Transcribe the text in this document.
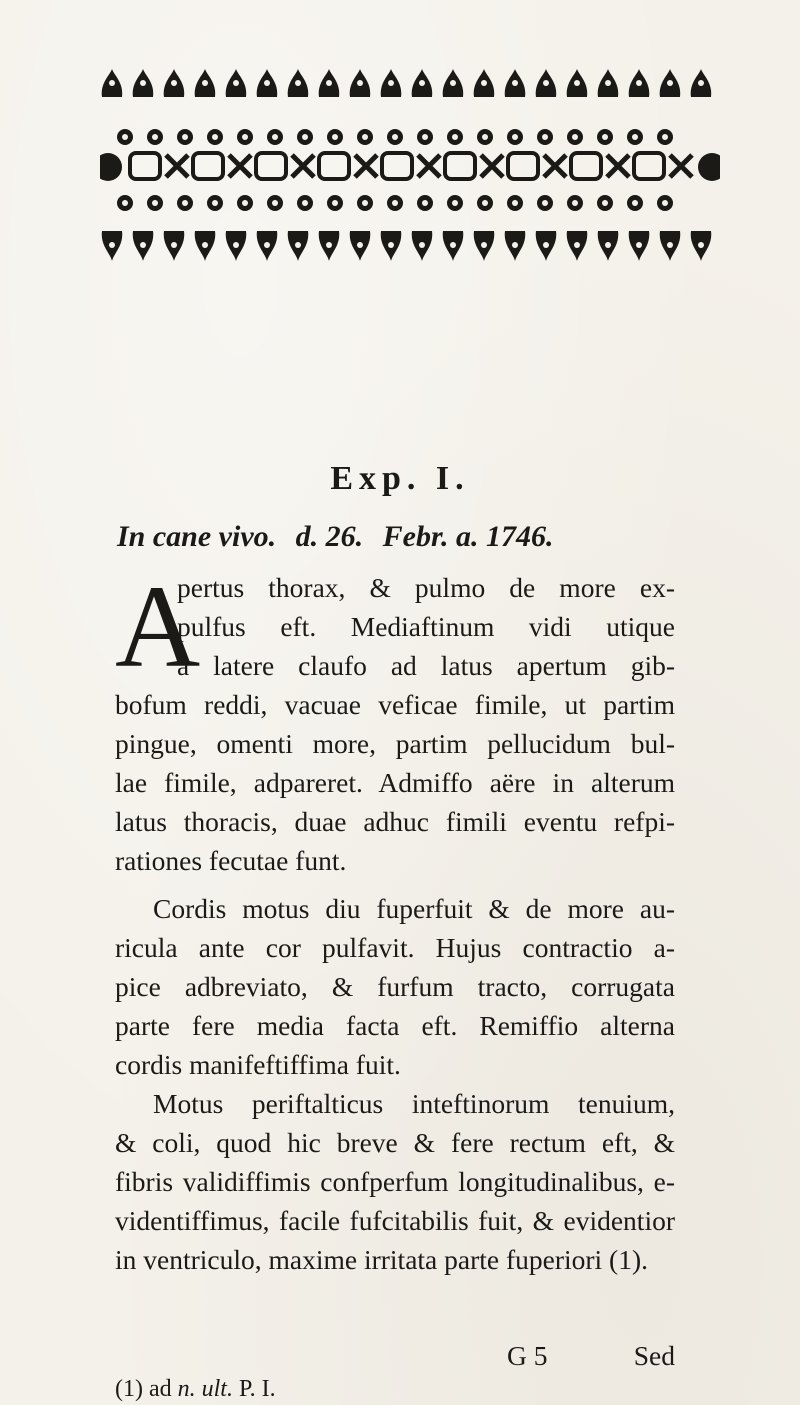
Exp. I.
In cane vivo. d. 26. Febr. a. 1746.
A
pertus thorax, & pulmo de more ex-
pulfus eft. Mediaftinum vidi utique
a latere claufo ad latus apertum gib-
bofum reddi, vacuae veficae fimile, ut partim
pingue, omenti more, partim pellucidum bul-
lae fimile, adpareret. Admiffo aëre in alterum
latus thoracis, duae adhuc fimili eventu refpi-
rationes fecutae funt.
Cordis motus diu fuperfuit & de more au-
ricula ante cor pulfavit. Hujus contractio a-
pice adbreviato, & furfum tracto, corrugata
parte fere media facta eft. Remiffio alterna
cordis manifeftiffima fuit.
Motus periftalticus inteftinorum tenuium,
& coli, quod hic breve & fere rectum eft, &
fibris validiffimis confperfum longitudinalibus, e-
videntiffimus, facile fufcitabilis fuit, & evidentior
in ventriculo, maxime irritata parte fuperiori (1).
G 5	Sed
(1) ad n. ult. P. I.
